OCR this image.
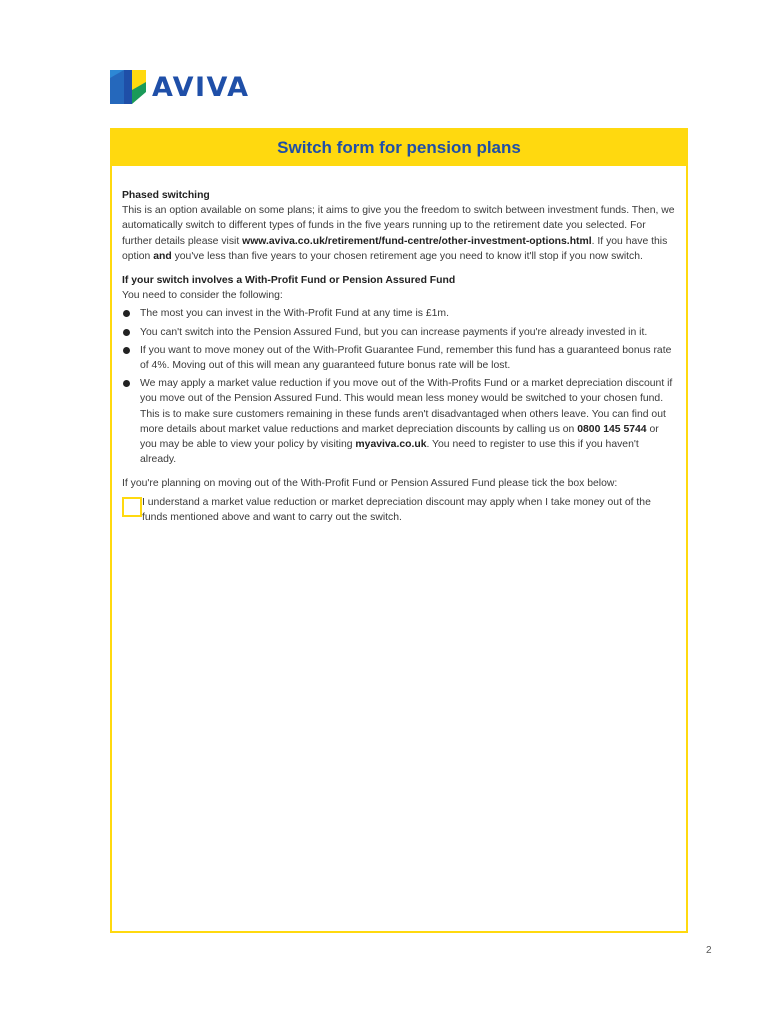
AVIVA
Switch form for pension plans

Phased switching

This is an option available on some plans; it aims to give you the freedom to switch between investment funds. Then, we automatically switch to different types of funds in the five years running up to the retirement date you selected. For further details please visit www.aviva.co.uk/retirement/fund-centre/other-investment-options.html. If you have this option and you've less than five years to your chosen retirement age you need to know it'll stop if you now switch.

If your switch involves a With-Profit Fund or Pension Assured Fund

You need to consider the following:

The most you can invest in the With-Profit Fund at any time is £1m.
You can't switch into the Pension Assured Fund, but you can increase payments if you're already invested in it.
If you want to move money out of the With-Profit Guarantee Fund, remember this fund has a guaranteed bonus rate of 4%. Moving out of this will mean any guaranteed future bonus rate will be lost.
We may apply a market value reduction if you move out of the With-Profits Fund or a market depreciation discount if you move out of the Pension Assured Fund. This would mean less money would be switched to your chosen fund. This is to make sure customers remaining in these funds aren't disadvantaged when others leave. You can find out more details about market value reductions and market depreciation discounts by calling us on 0800 145 5744 or you may be able to view your policy by visiting myaviva.co.uk. You need to register to use this if you haven't already.

If you're planning on moving out of the With-Profit Fund or Pension Assured Fund please tick the box below:

I understand a market value reduction or market depreciation discount may apply when I take money out of the funds mentioned above and want to carry out the switch.

2
